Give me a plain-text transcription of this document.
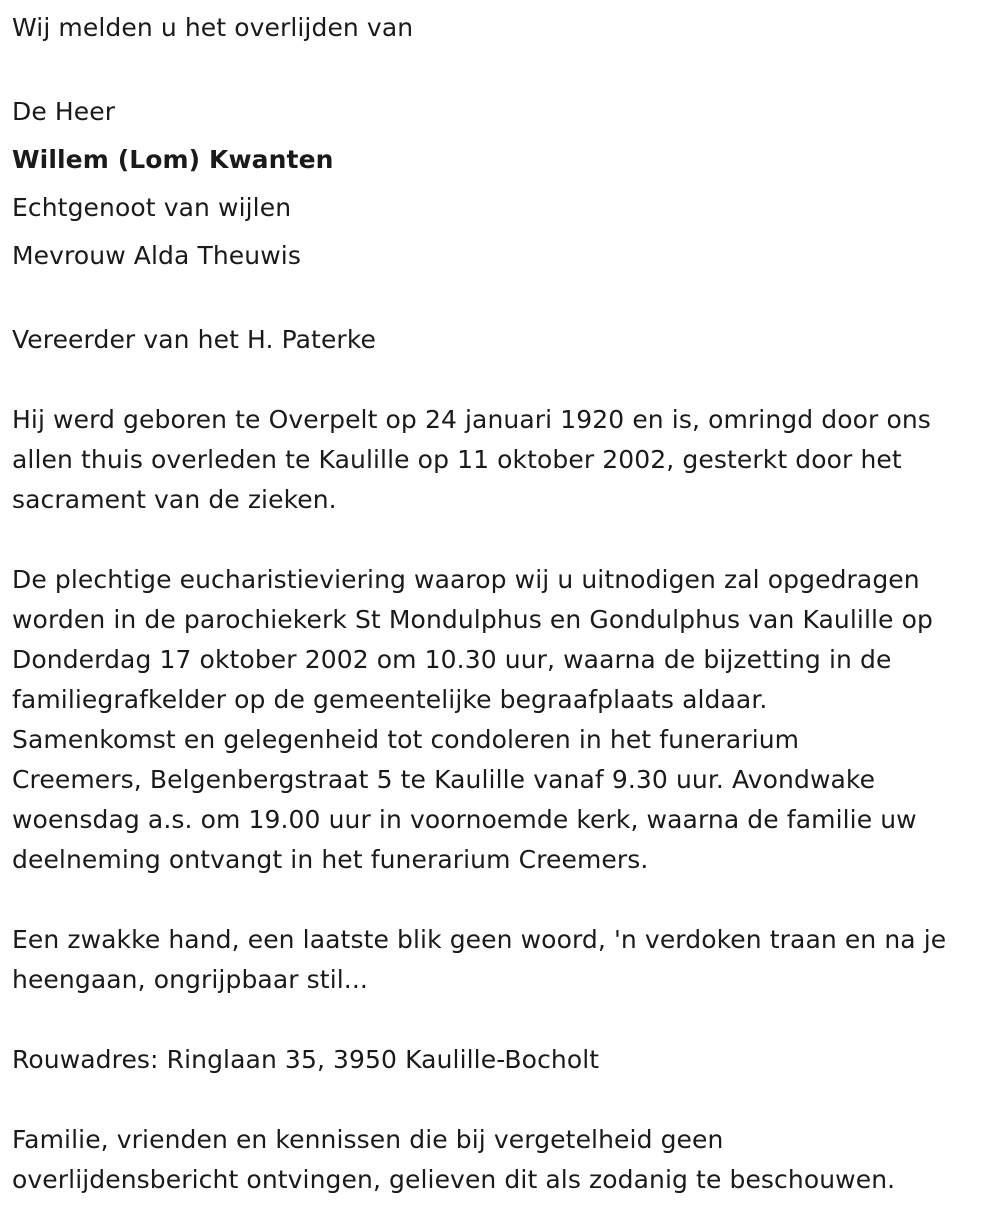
Wij melden u het overlijden van
De Heer
Willem (Lom) Kwanten
Echtgenoot van wijlen
Mevrouw Alda Theuwis
Vereerder van het H. Paterke
Hij werd geboren te Overpelt op 24 januari 1920 en is, omringd door ons
allen thuis overleden te Kaulille op 11 oktober 2002, gesterkt door het
sacrament van de zieken.
De plechtige eucharistieviering waarop wij u uitnodigen zal opgedragen
worden in de parochiekerk St Mondulphus en Gondulphus van Kaulille op
Donderdag 17 oktober 2002 om 10.30 uur, waarna de bijzetting in de
familiegrafkelder op de gemeentelijke begraafplaats aldaar.
Samenkomst en gelegenheid tot condoleren in het funerarium
Creemers, Belgenbergstraat 5 te Kaulille vanaf 9.30 uur. Avondwake
woensdag a.s. om 19.00 uur in voornoemde kerk, waarna de familie uw
deelneming ontvangt in het funerarium Creemers.
Een zwakke hand, een laatste blik geen woord, 'n verdoken traan en na je
heengaan, ongrijpbaar stil...
Rouwadres: Ringlaan 35, 3950 Kaulille-Bocholt
Familie, vrienden en kennissen die bij vergetelheid geen
overlijdensbericht ontvingen, gelieven dit als zodanig te beschouwen.
